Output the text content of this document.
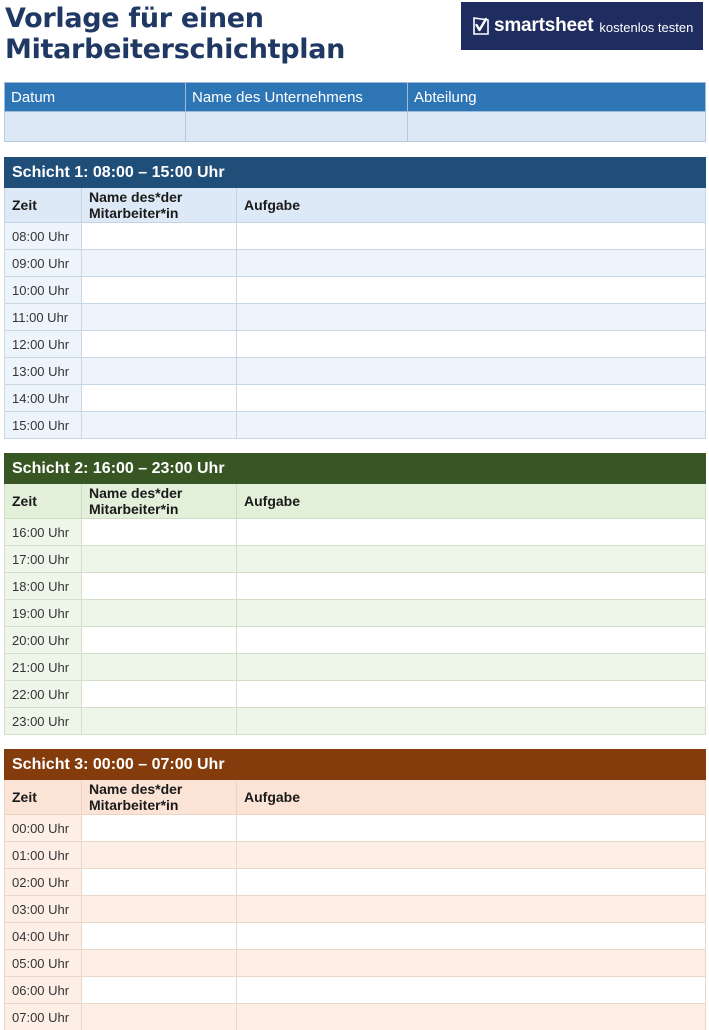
Vorlage für einen Mitarbeiterschichtplan
smartsheet kostenlos testen
Datum	Name des Unternehmens	Abteilung

Schicht 1: 08:00 – 15:00 Uhr		
Zeit	Name des*der Mitarbeiter*in	Aufgabe
08:00 Uhr		
09:00 Uhr		
10:00 Uhr		
11:00 Uhr		
12:00 Uhr		
13:00 Uhr		
14:00 Uhr		
15:00 Uhr		
Schicht 2: 16:00 – 23:00 Uhr		
Zeit	Name des*der Mitarbeiter*in	Aufgabe
16:00 Uhr		
17:00 Uhr		
18:00 Uhr		
19:00 Uhr		
20:00 Uhr		
21:00 Uhr		
22:00 Uhr		
23:00 Uhr		
Schicht 3: 00:00 – 07:00 Uhr		
Zeit	Name des*der Mitarbeiter*in	Aufgabe
00:00 Uhr		
01:00 Uhr		
02:00 Uhr		
03:00 Uhr		
04:00 Uhr		
05:00 Uhr		
06:00 Uhr		
07:00 Uhr		
